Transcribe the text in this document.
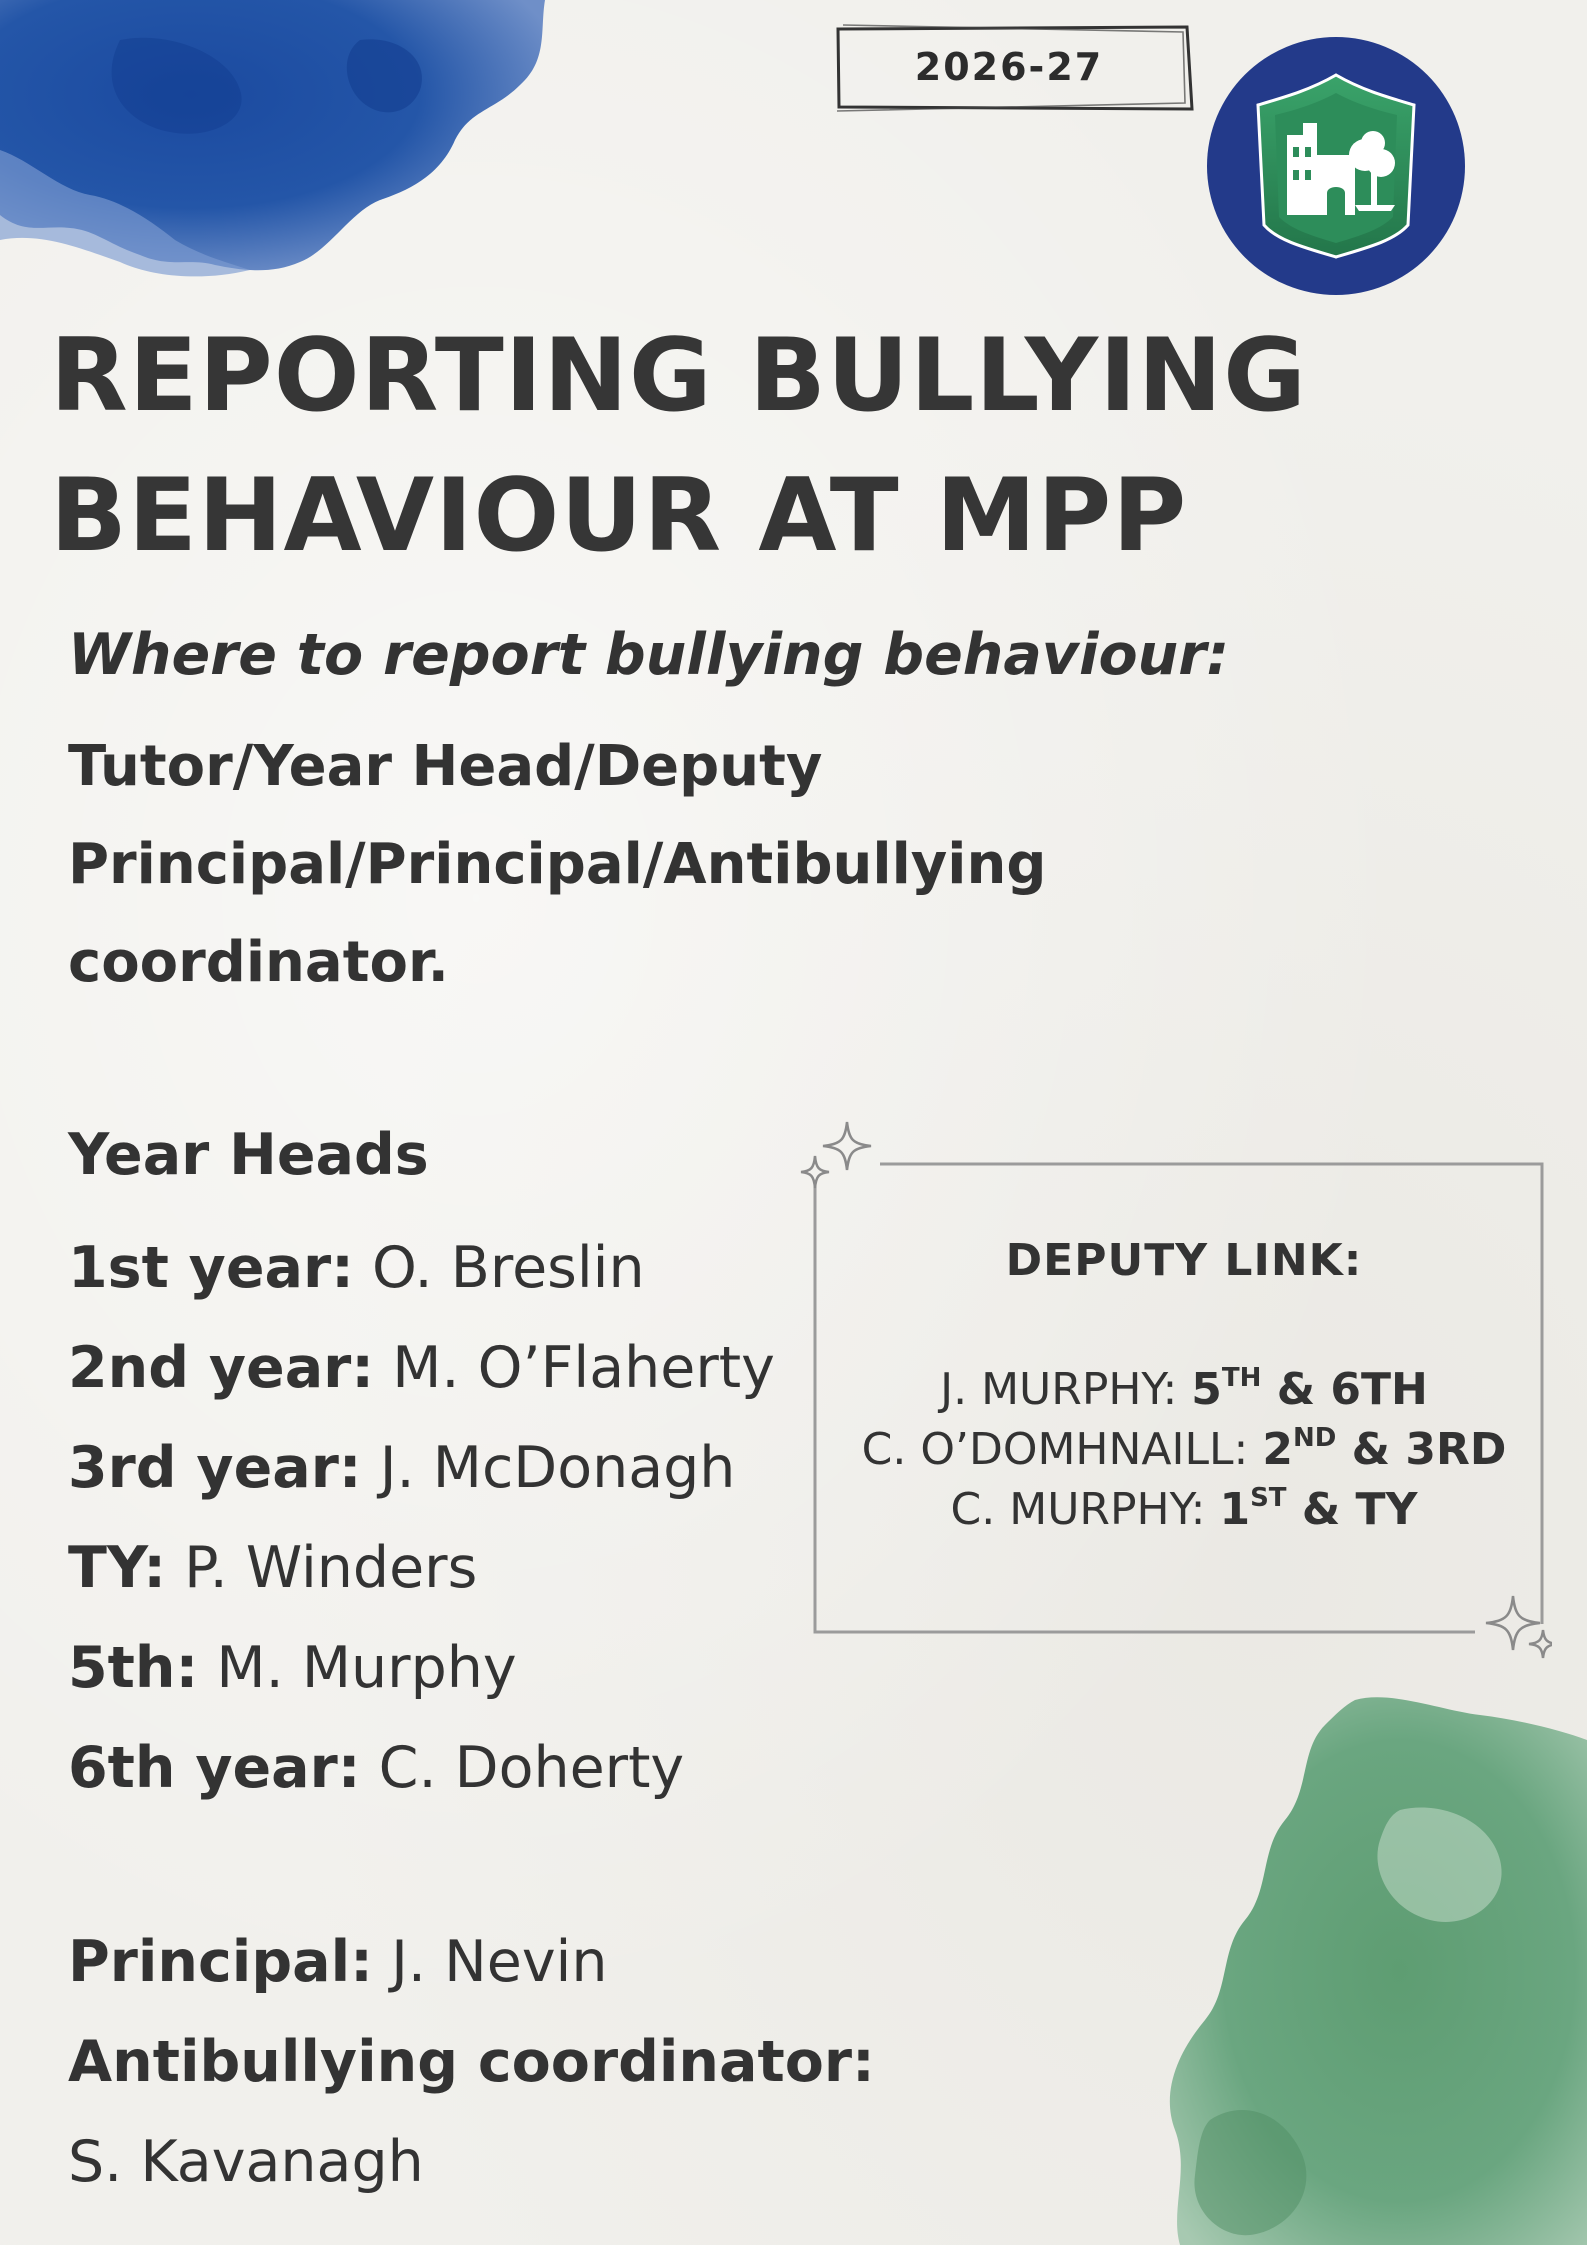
2026-27
REPORTING BULLYING
BEHAVIOUR AT MPP
Where to report bullying behaviour:
Tutor/Year Head/Deputy
Principal/Principal/Antibullying
coordinator.
Year Heads
1st year: O. Breslin
2nd year: M. O’Flaherty
3rd year: J. McDonagh
TY: P. Winders
5th: M. Murphy
6th year: C. Doherty
Principal: J. Nevin
Antibullying coordinator:
S. Kavanagh
DEPUTY LINK:
J. MURPHY: 5TH & 6TH
C. O’DOMHNAILL: 2ND & 3RD
C. MURPHY: 1ST & TY
